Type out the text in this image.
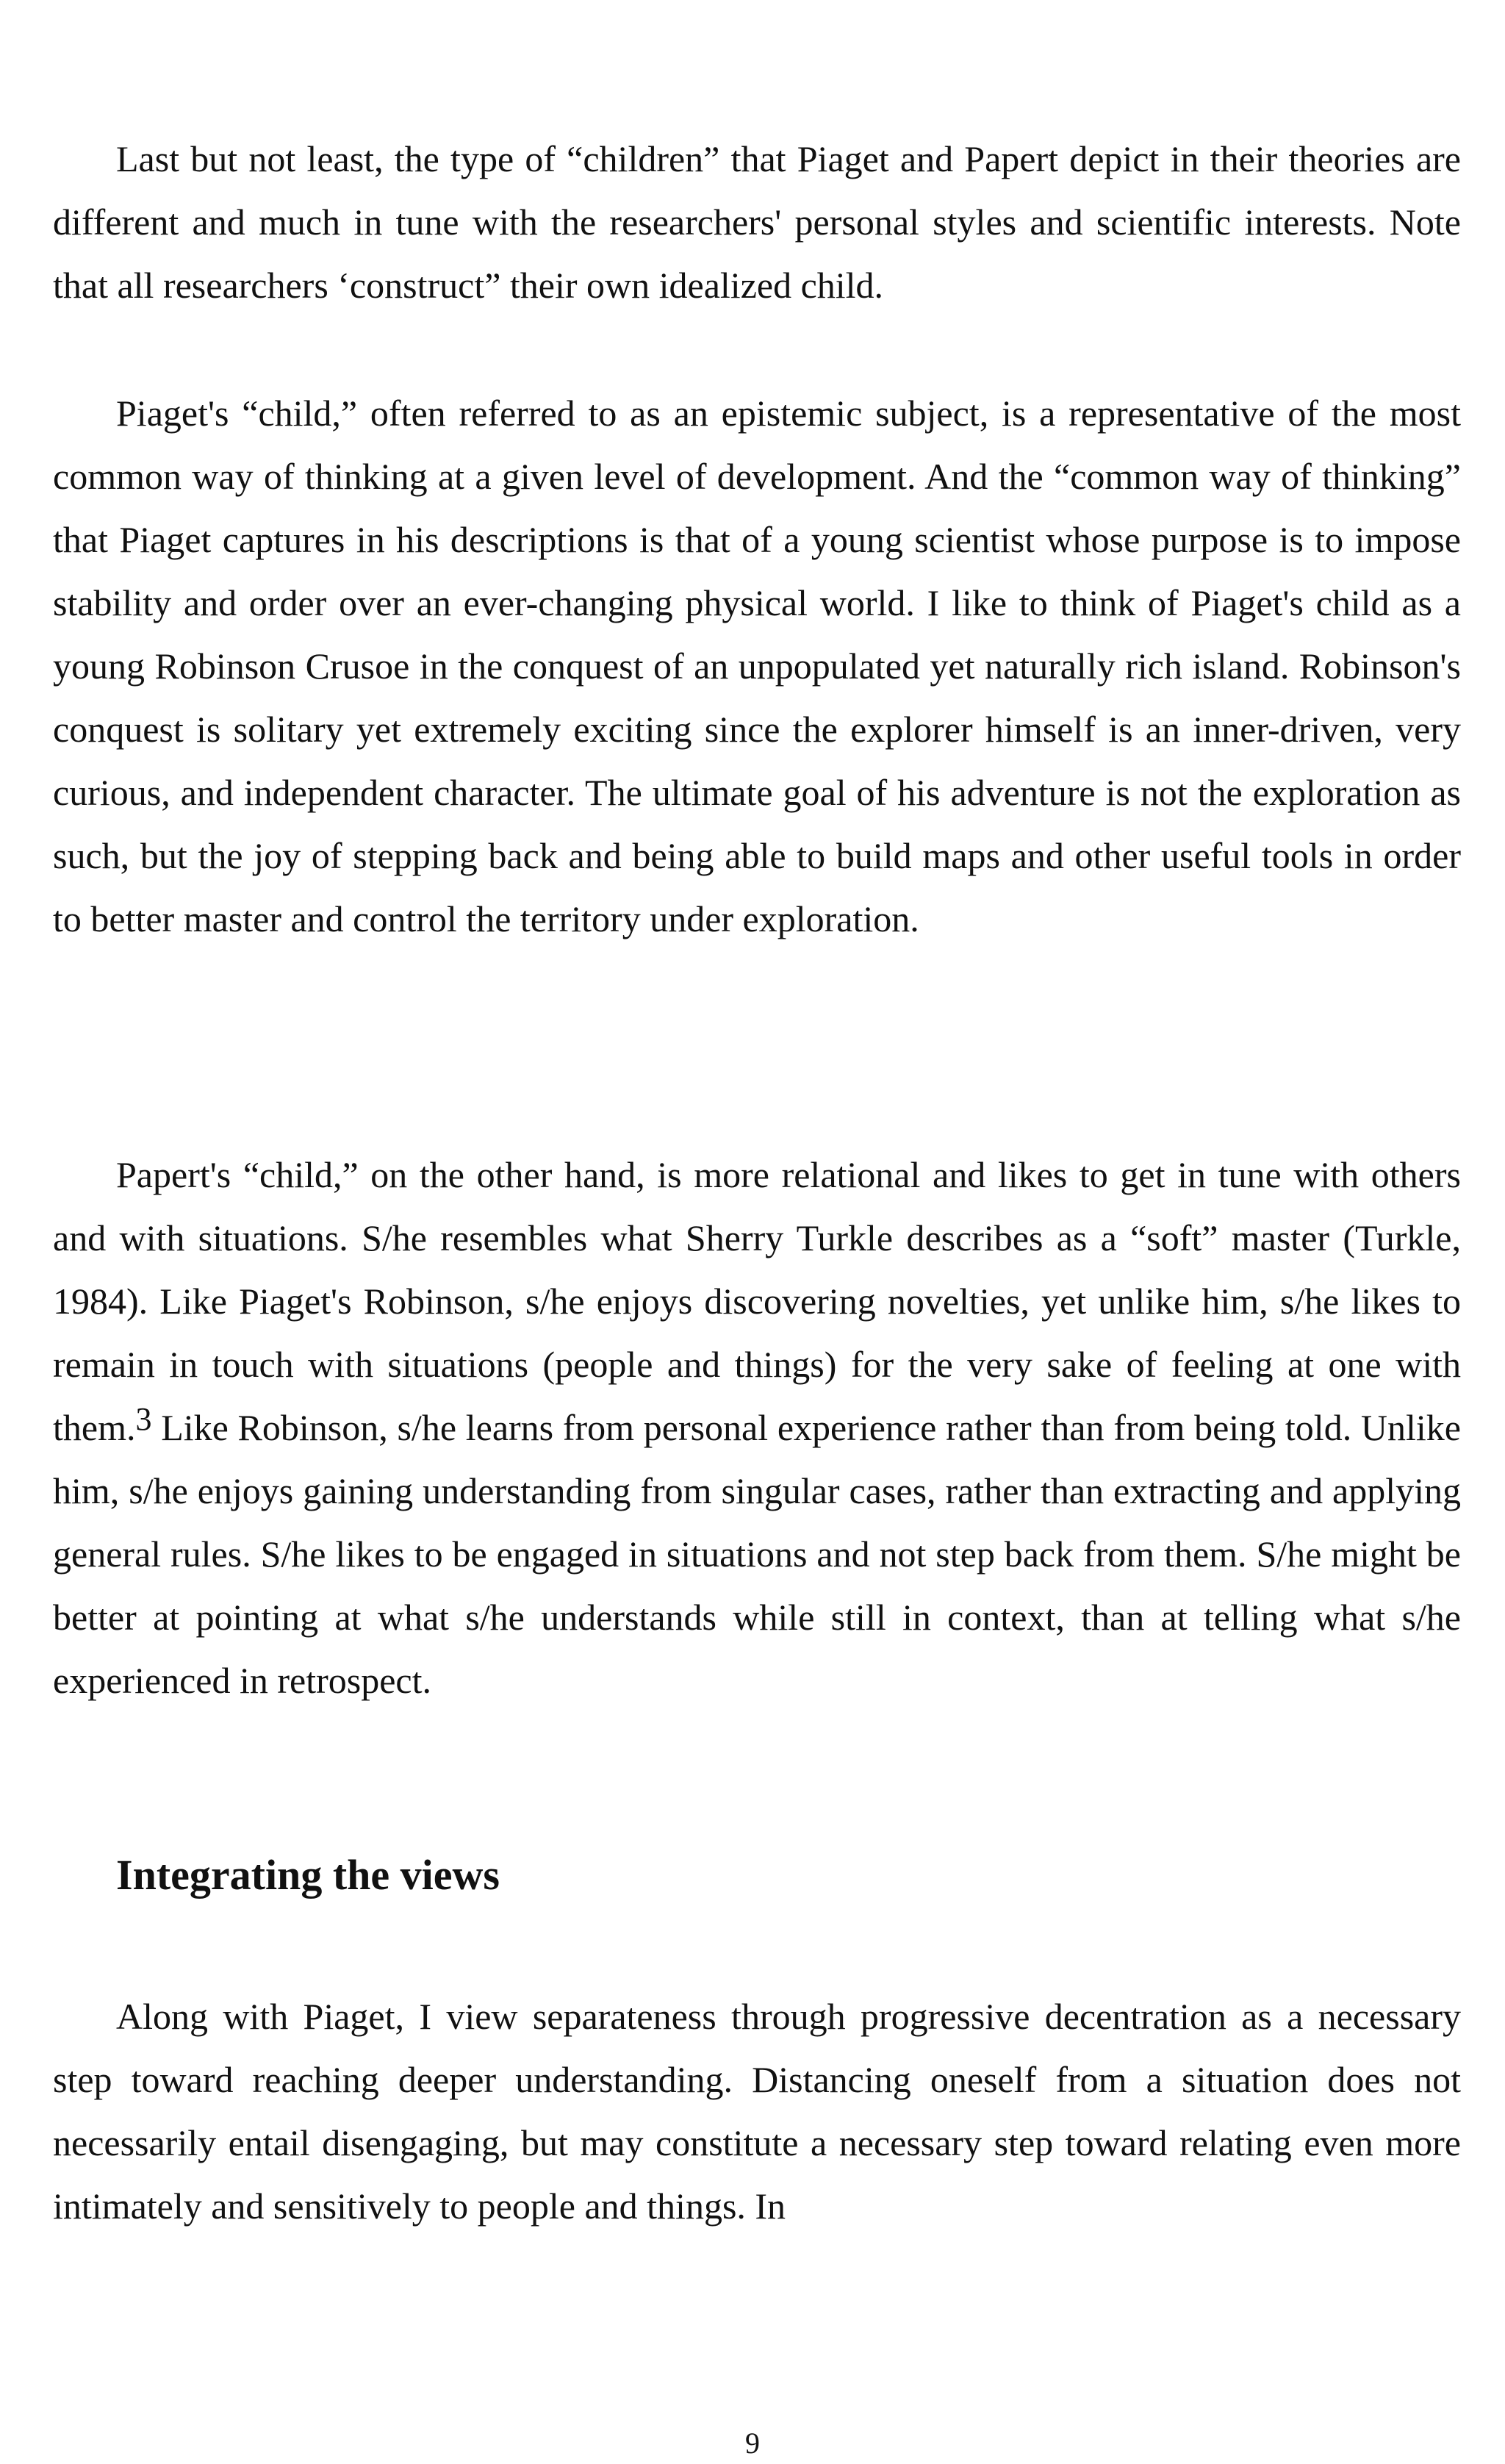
Last but not least, the type of “children” that Piaget and Papert depict in their theories are different and much in tune with the researchers' personal styles and scientific interests. Note that all researchers ‘construct” their own idealized child.

Piaget's “child,” often referred to as an epistemic subject, is a representative of the most common way of thinking at a given level of development. And the “common way of thinking” that Piaget captures in his descriptions is that of a young scientist whose purpose is to impose stability and order over an ever-changing physical world. I like to think of Piaget's child as a young Robinson Crusoe in the conquest of an unpopulated yet naturally rich island. Robinson's conquest is solitary yet extremely exciting since the explorer himself is an inner-driven, very curious, and independent character. The ultimate goal of his adventure is not the exploration as such, but the joy of stepping back and being able to build maps and other useful tools in order to better master and control the territory under exploration.

Papert's “child,” on the other hand, is more relational and likes to get in tune with others and with situations. S/he resembles what Sherry Turkle describes as a “soft” master (Turkle, 1984). Like Piaget's Robinson, s/he enjoys discovering novelties, yet unlike him, s/he likes to remain in touch with situations (people and things) for the very sake of feeling at one with them.3 Like Robinson, s/he learns from personal experience rather than from being told. Unlike him, s/he enjoys gaining understanding from singular cases, rather than extracting and applying general rules. S/he likes to be engaged in situations and not step back from them. S/he might be better at pointing at what s/he understands while still in context, than at telling what s/he experienced in retrospect.

Integrating the views

Along with Piaget, I view separateness through progressive decentration as a necessary step toward reaching deeper understanding. Distancing oneself from a situation does not necessarily entail disengaging, but may constitute a necessary step toward relating even more intimately and sensitively to people and things. In

9
